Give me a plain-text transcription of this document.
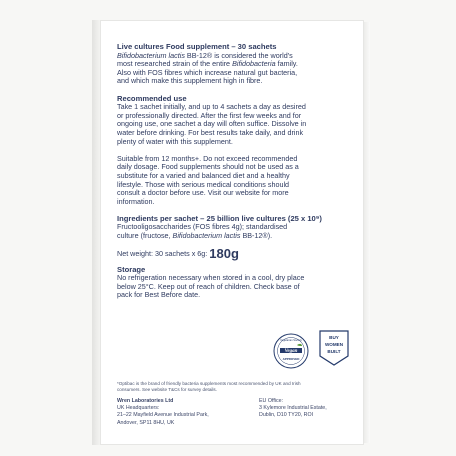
Live cultures Food supplement – 30 sachets

Bifidobacterium lactis BB-12® is considered the world's

most researched strain of the entire Bifidobacteria family.

Also with FOS fibres which increase natural gut bacteria,

and which make this supplement high in fibre.

Recommended use

Take 1 sachet initially, and up to 4 sachets a day as desired

or professionally directed. After the first few weeks and for

ongoing use, one sachet a day will often suffice. Dissolve in

water before drinking. For best results take daily, and drink

plenty of water with this supplement.

Suitable from 12 months+. Do not exceed recommended

daily dosage. Food supplements should not be used as a

substitute for a varied and balanced diet and a healthy

lifestyle. Those with serious medical conditions should

consult a doctor before use. Visit our website for more

information.

Ingredients per sachet – 25 billion live cultures (25 x 10⁹)

Fructooligosaccharides (FOS fibres 4g); standardised

culture (fructose, Bifidobacterium lactis BB-12®).

Net weight: 30 sachets x 6g: 180g

Storage

No refrigeration necessary when stored in a cool, dry place

below 25°C. Keep out of reach of children. Check base of

pack for Best Before date.

Vegetarian Society
Vegan
APPROVED
BUY
WOMEN
BUILT

*Optibac is the brand of friendly bacteria supplements most recommended by UK and Irish

consumers. See website T&Cs for survey details.

Wren Laboratories Ltd

UK Headquarters:

21–22 Mayfield Avenue Industrial Park,

Andover, SP11 8HU, UK

EU Office:

3 Kylemore Industrial Estate,

Dublin, D10 TY20, ROI
